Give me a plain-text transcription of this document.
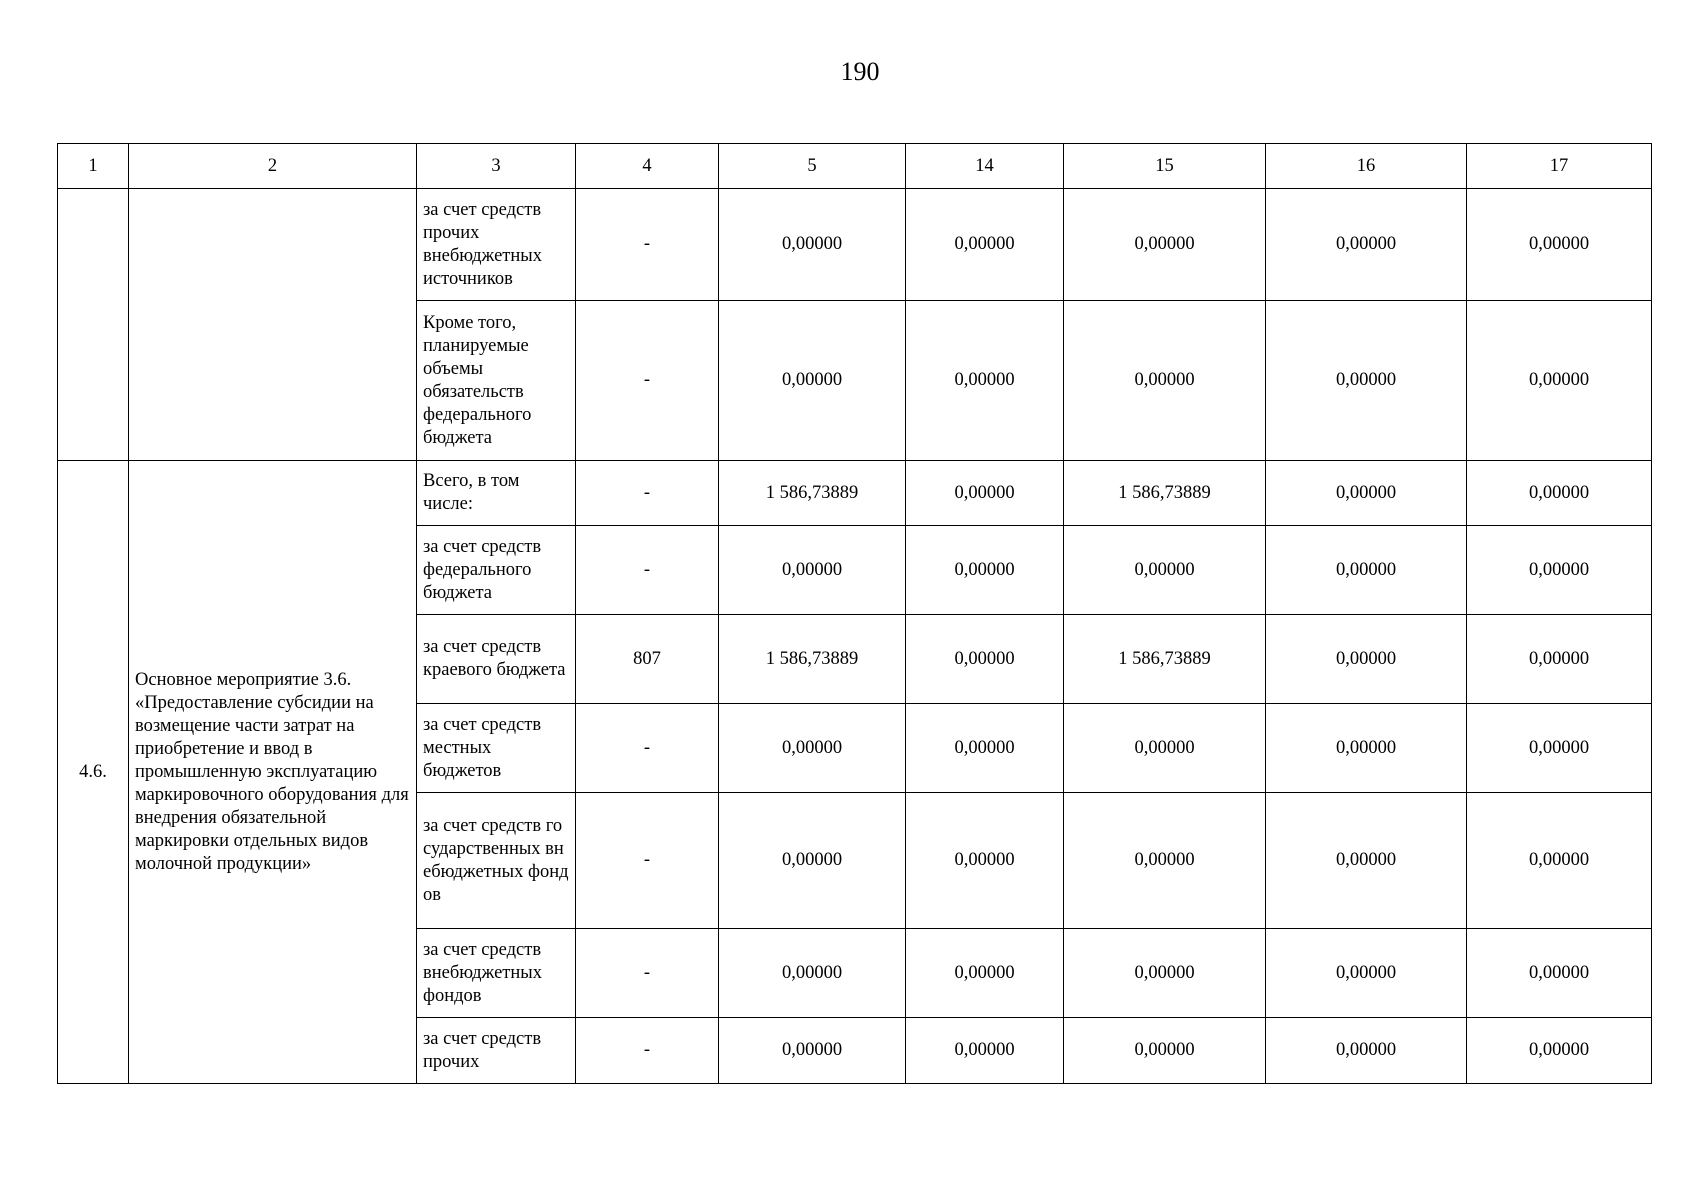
190
1	2	3	4	5	14	15	16	17
		за счет средств прочих внебюджетных источников	-	0,00000	0,00000	0,00000	0,00000	0,00000
		Кроме того, планируемые объемы обязательств федерального бюджета	-	0,00000	0,00000	0,00000	0,00000	0,00000
4.6.	Основное мероприятие 3.6. «Предоставление субсидии на возмещение части затрат на приобретение и ввод в промышленную эксплуатацию маркировочного оборудования для внедрения обязательной маркировки отдельных видов молочной продукции»	Всего, в том числе:	-	1 586,73889	0,00000	1 586,73889	0,00000	0,00000
		за счет средств федерального бюджета	-	0,00000	0,00000	0,00000	0,00000	0,00000
		за счет средств краевого бюджета	807	1 586,73889	0,00000	1 586,73889	0,00000	0,00000
		за счет средств местных бюджетов	-	0,00000	0,00000	0,00000	0,00000	0,00000
		за счет средств государственных внебюджетных фондов	-	0,00000	0,00000	0,00000	0,00000	0,00000
		за счет средств внебюджетных фондов	-	0,00000	0,00000	0,00000	0,00000	0,00000
		за счет средств прочих	-	0,00000	0,00000	0,00000	0,00000	0,00000
